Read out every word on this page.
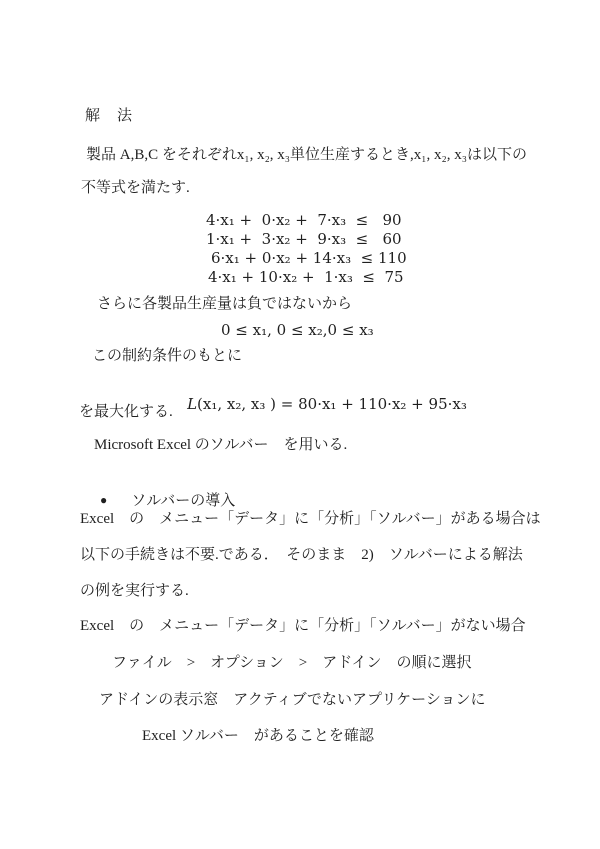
解　法
製品 A,B,C をそれぞれx₁, x₂, x₃単位生産するとき,x₁, x₂, x₃は以下の
不等式を満たす.
4·x₁ +  0·x₂ +  7·x₃  ≤   90
1·x₁ +  3·x₂ +  9·x₃  ≤   60
6·x₁ + 0·x₂ + 14·x₃  ≤ 110
4·x₁ + 10·x₂ +  1·x₃  ≤  75
さらに各製品生産量は負ではないから
0 ≤ x₁, 0 ≤ x₂,0 ≤ x₃
この制約条件のもとに

L(x₁, x₂, x₃ ) = 80·x₁ + 110·x₂ + 95·x₃

を最大化する.
Microsoft Excel のソルバー　を用いる.

● ソルバーの導入

Excel　の　メニュー「データ」に「分析」「ソルバー」がある場合は
以下の手続きは不要.である．　そのまま　2)　ソルバーによる解法
の例を実行する.
Excel　の　メニュー「データ」に「分析」「ソルバー」がない場合
ファイル　>　オプション　>　アドイン　の順に選択
アドインの表示窓　アクティブでないアプリケーションに
Excel ソルバー　があることを確認
